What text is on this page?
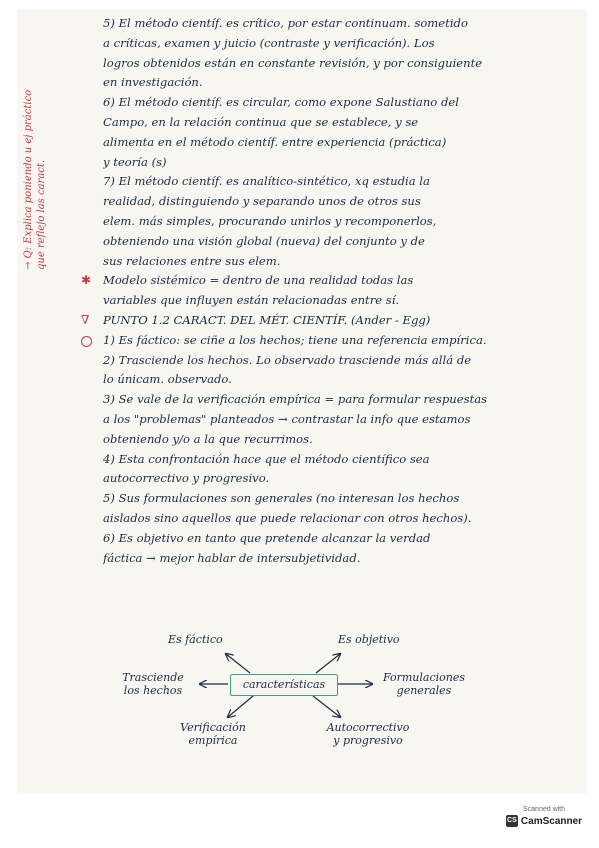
→ Q: Explica poniendo u ej práctico que reflejo las caract.

5) El método científ. es crítico, por estar continuam. sometido
a críticas, examen y juicio (contraste y verificación). Los
logros obtenidos están en constante revisión, y por consiguiente
en investigación.

6) El método científ. es circular, como expone Salustiano del
Campo, en la relación continua que se establece, y se
alimenta en el método científ. entre experiencia (práctica)
y teoría (s)

7) El método científ. es analítico-sintético, xq estudia la
realidad, distinguiendo y separando unos de otros sus
elem. más simples, procurando unirlos y recomponerlos,
obteniendo una visión global (nueva) del conjunto y de
sus relaciones entre sus elem.

✱ Modelo sistémico = dentro de una realidad todas las
variables que influyen están relacionadas entre sí.

∇ PUNTO 1.2 CARACT. DEL MÉT. CIENTÍF. (Ander - Egg)

1) Es fáctico: se ciñe a los hechos; tiene una referencia empírica.
2) Trasciende los hechos. Lo observado trasciende más allá de
lo únicam. observado.

3) Se vale de la verificación empírica = para formular respuestas
a los "problemas" planteados → contrastar la info que estamos
obteniendo y/o a la que recurrimos.

4) Esta confrontación hace que el método científico sea
autocorrectivo y progresivo.

5) Sus formulaciones son generales (no interesan los hechos
aislados sino aquellos que puede relacionar con otros hechos).
6) Es objetivo en tanto que pretende alcanzar la verdad
fáctica → mejor hablar de intersubjetividad.

Es fáctico	Es objetivo
características
Trasciende
los hechos
Formulaciones
generales
Verificación
empírica
Autocorrectivo
y progresivo
Scanned with
CS CamScanner
